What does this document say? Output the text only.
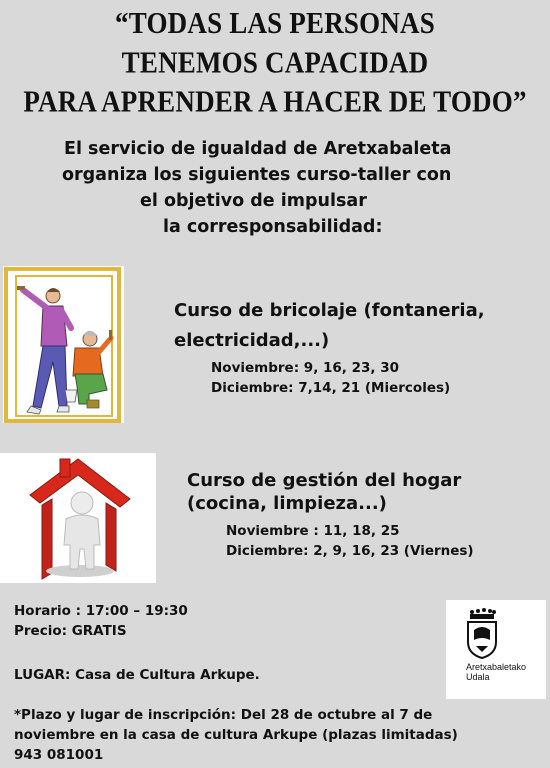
“TODAS LAS PERSONAS
TENEMOS CAPACIDAD
PARA APRENDER A HACER DE TODO”
El servicio de igualdad de Aretxabaleta
organiza los siguientes curso-taller con
el objetivo de impulsar
la corresponsabilidad:
Curso de bricolaje (fontaneria,
electricidad,...)
Noviembre: 9, 16, 23, 30
Diciembre: 7,14, 21 (Miercoles)
Curso de gestión del hogar
(cocina, limpieza...)
Noviembre : 11, 18, 25
Diciembre: 2, 9, 16, 23 (Viernes)
Horario : 17:00 – 19:30
Precio: GRATIS
LUGAR: Casa de Cultura Arkupe.
*Plazo y lugar de inscripción: Del 28 de octubre al 7 de
noviembre en la casa de cultura Arkupe (plazas limitadas)
943 081001
Aretxabaletako
Udala
